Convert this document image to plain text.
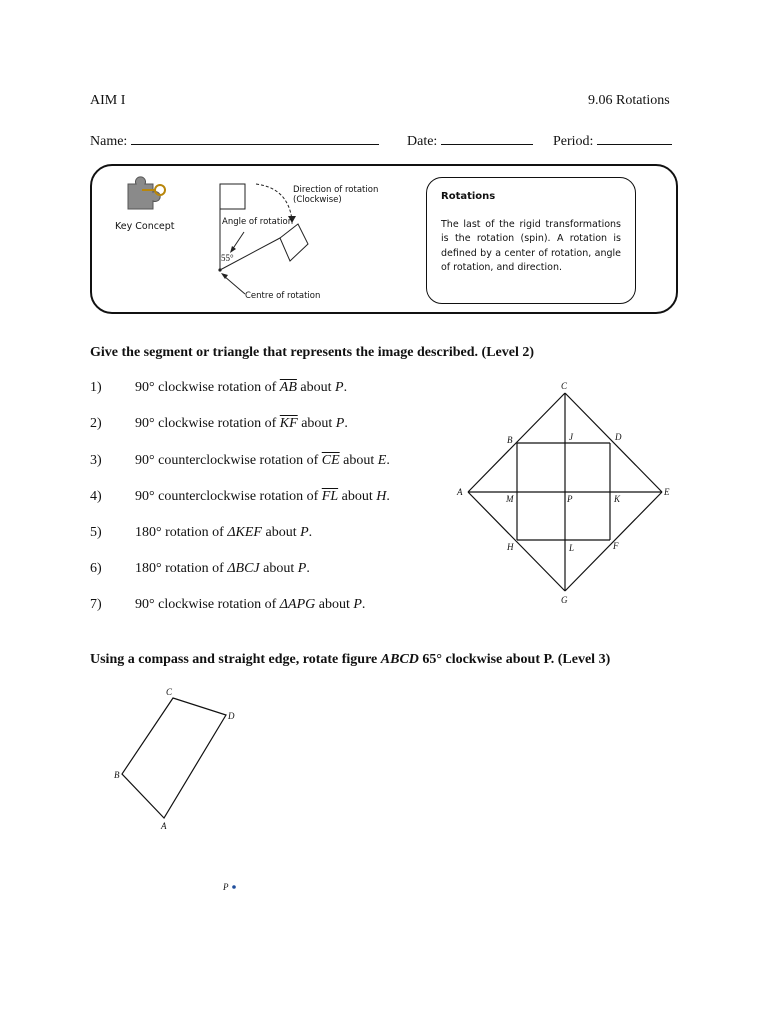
AIM I	9.06 Rotations
Name:	Date:	Period:
Key Concept
Direction of rotation
(Clockwise)
Angle of rotation
55°
Centre of rotation
Rotations
The last of the rigid transformations is the rotation (spin). A rotation is defined by a center of rotation, angle of rotation, and direction.
Give the segment or triangle that represents the image described. (Level 2)
1) 90° clockwise rotation of $\overline{AB}$ about P.
2) 90° clockwise rotation of $\overline{KF}$ about P.
3) 90° counterclockwise rotation of $\overline{CE}$ about E.
4) 90° counterclockwise rotation of $\overline{FL}$ about H.
5) 180° rotation of ΔKEF about P.
6) 180° rotation of ΔBCJ about P.
7) 90° clockwise rotation of ΔAPG about P.
A
C
E
G
B	D
H	F
J
K
L
M	P
Using a compass and straight edge, rotate figure ABCD 65° clockwise about P. (Level 3)
A
B
C
D
P
